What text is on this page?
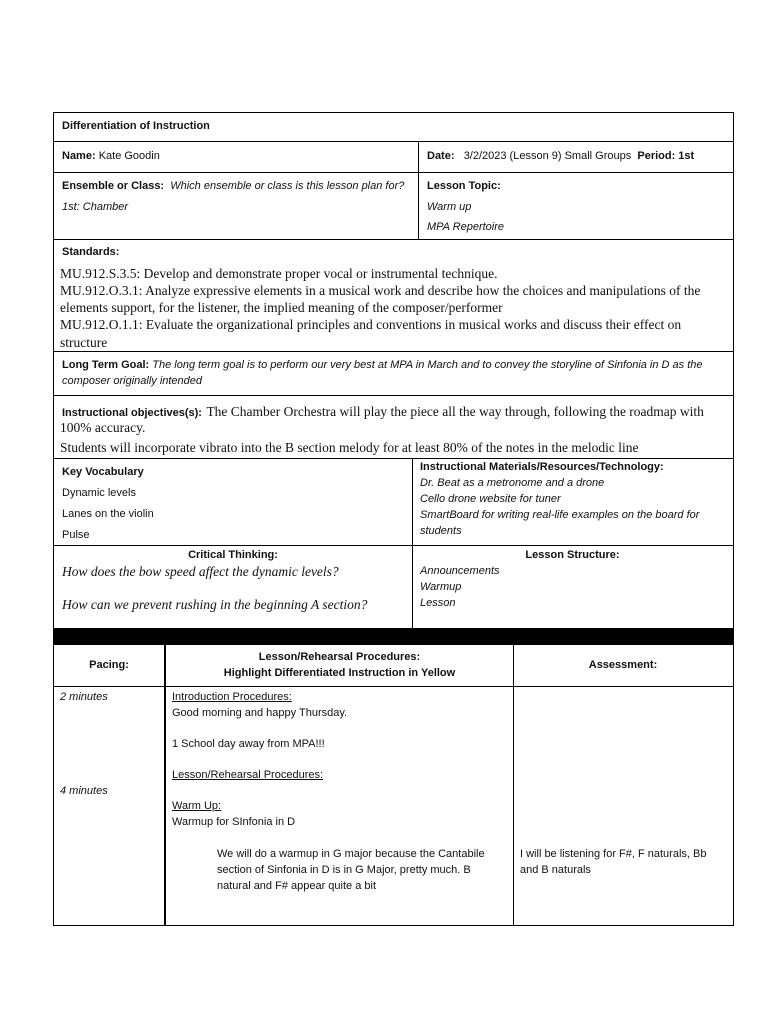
Differentiation of Instruction
Name: Kate Goodin	Date: 3/2/2023 (Lesson 9) Small Groups Period: 1st
Ensemble or Class: Which ensemble or class is this lesson plan for?
1st: Chamber
Lesson Topic:
Warm up
MPA Repertoire
Standards:
MU.912.S.3.5: Develop and demonstrate proper vocal or instrumental technique.
MU.912.O.3.1: Analyze expressive elements in a musical work and describe how the choices and manipulations of the
elements support, for the listener, the implied meaning of the composer/performer
MU.912.O.1.1: Evaluate the organizational principles and conventions in musical works and discuss their effect on
structure
Long Term Goal: The long term goal is to perform our very best at MPA in March and to convey the storyline of Sinfonia in D as the
composer originally intended
Instructional objectives(s): The Chamber Orchestra will play the piece all the way through, following the roadmap with
100% accuracy.
Students will incorporate vibrato into the B section melody for at least 80% of the notes in the melodic line
Key Vocabulary
Dynamic levels
Lanes on the violin
Pulse
Instructional Materials/Resources/Technology:
Dr. Beat as a metronome and a drone
Cello drone website for tuner
SmartBoard for writing real-life examples on the board for
students
Critical Thinking:
How does the bow speed affect the dynamic levels?
How can we prevent rushing in the beginning A section?
Lesson Structure:
Announcements
Warmup
Lesson
Pacing:
Lesson/Rehearsal Procedures:
Highlight Differentiated Instruction in Yellow
Assessment:
2 minutes
4 minutes
Introduction Procedures:
Good morning and happy Thursday.
1 School day away from MPA!!!
Lesson/Rehearsal Procedures:
Warm Up:
Warmup for SInfonia in D
We will do a warmup in G major because the Cantabile
section of Sinfonia in D is in G Major, pretty much. B
natural and F# appear quite a bit
I will be listening for F#, F naturals, Bb
and B naturals
